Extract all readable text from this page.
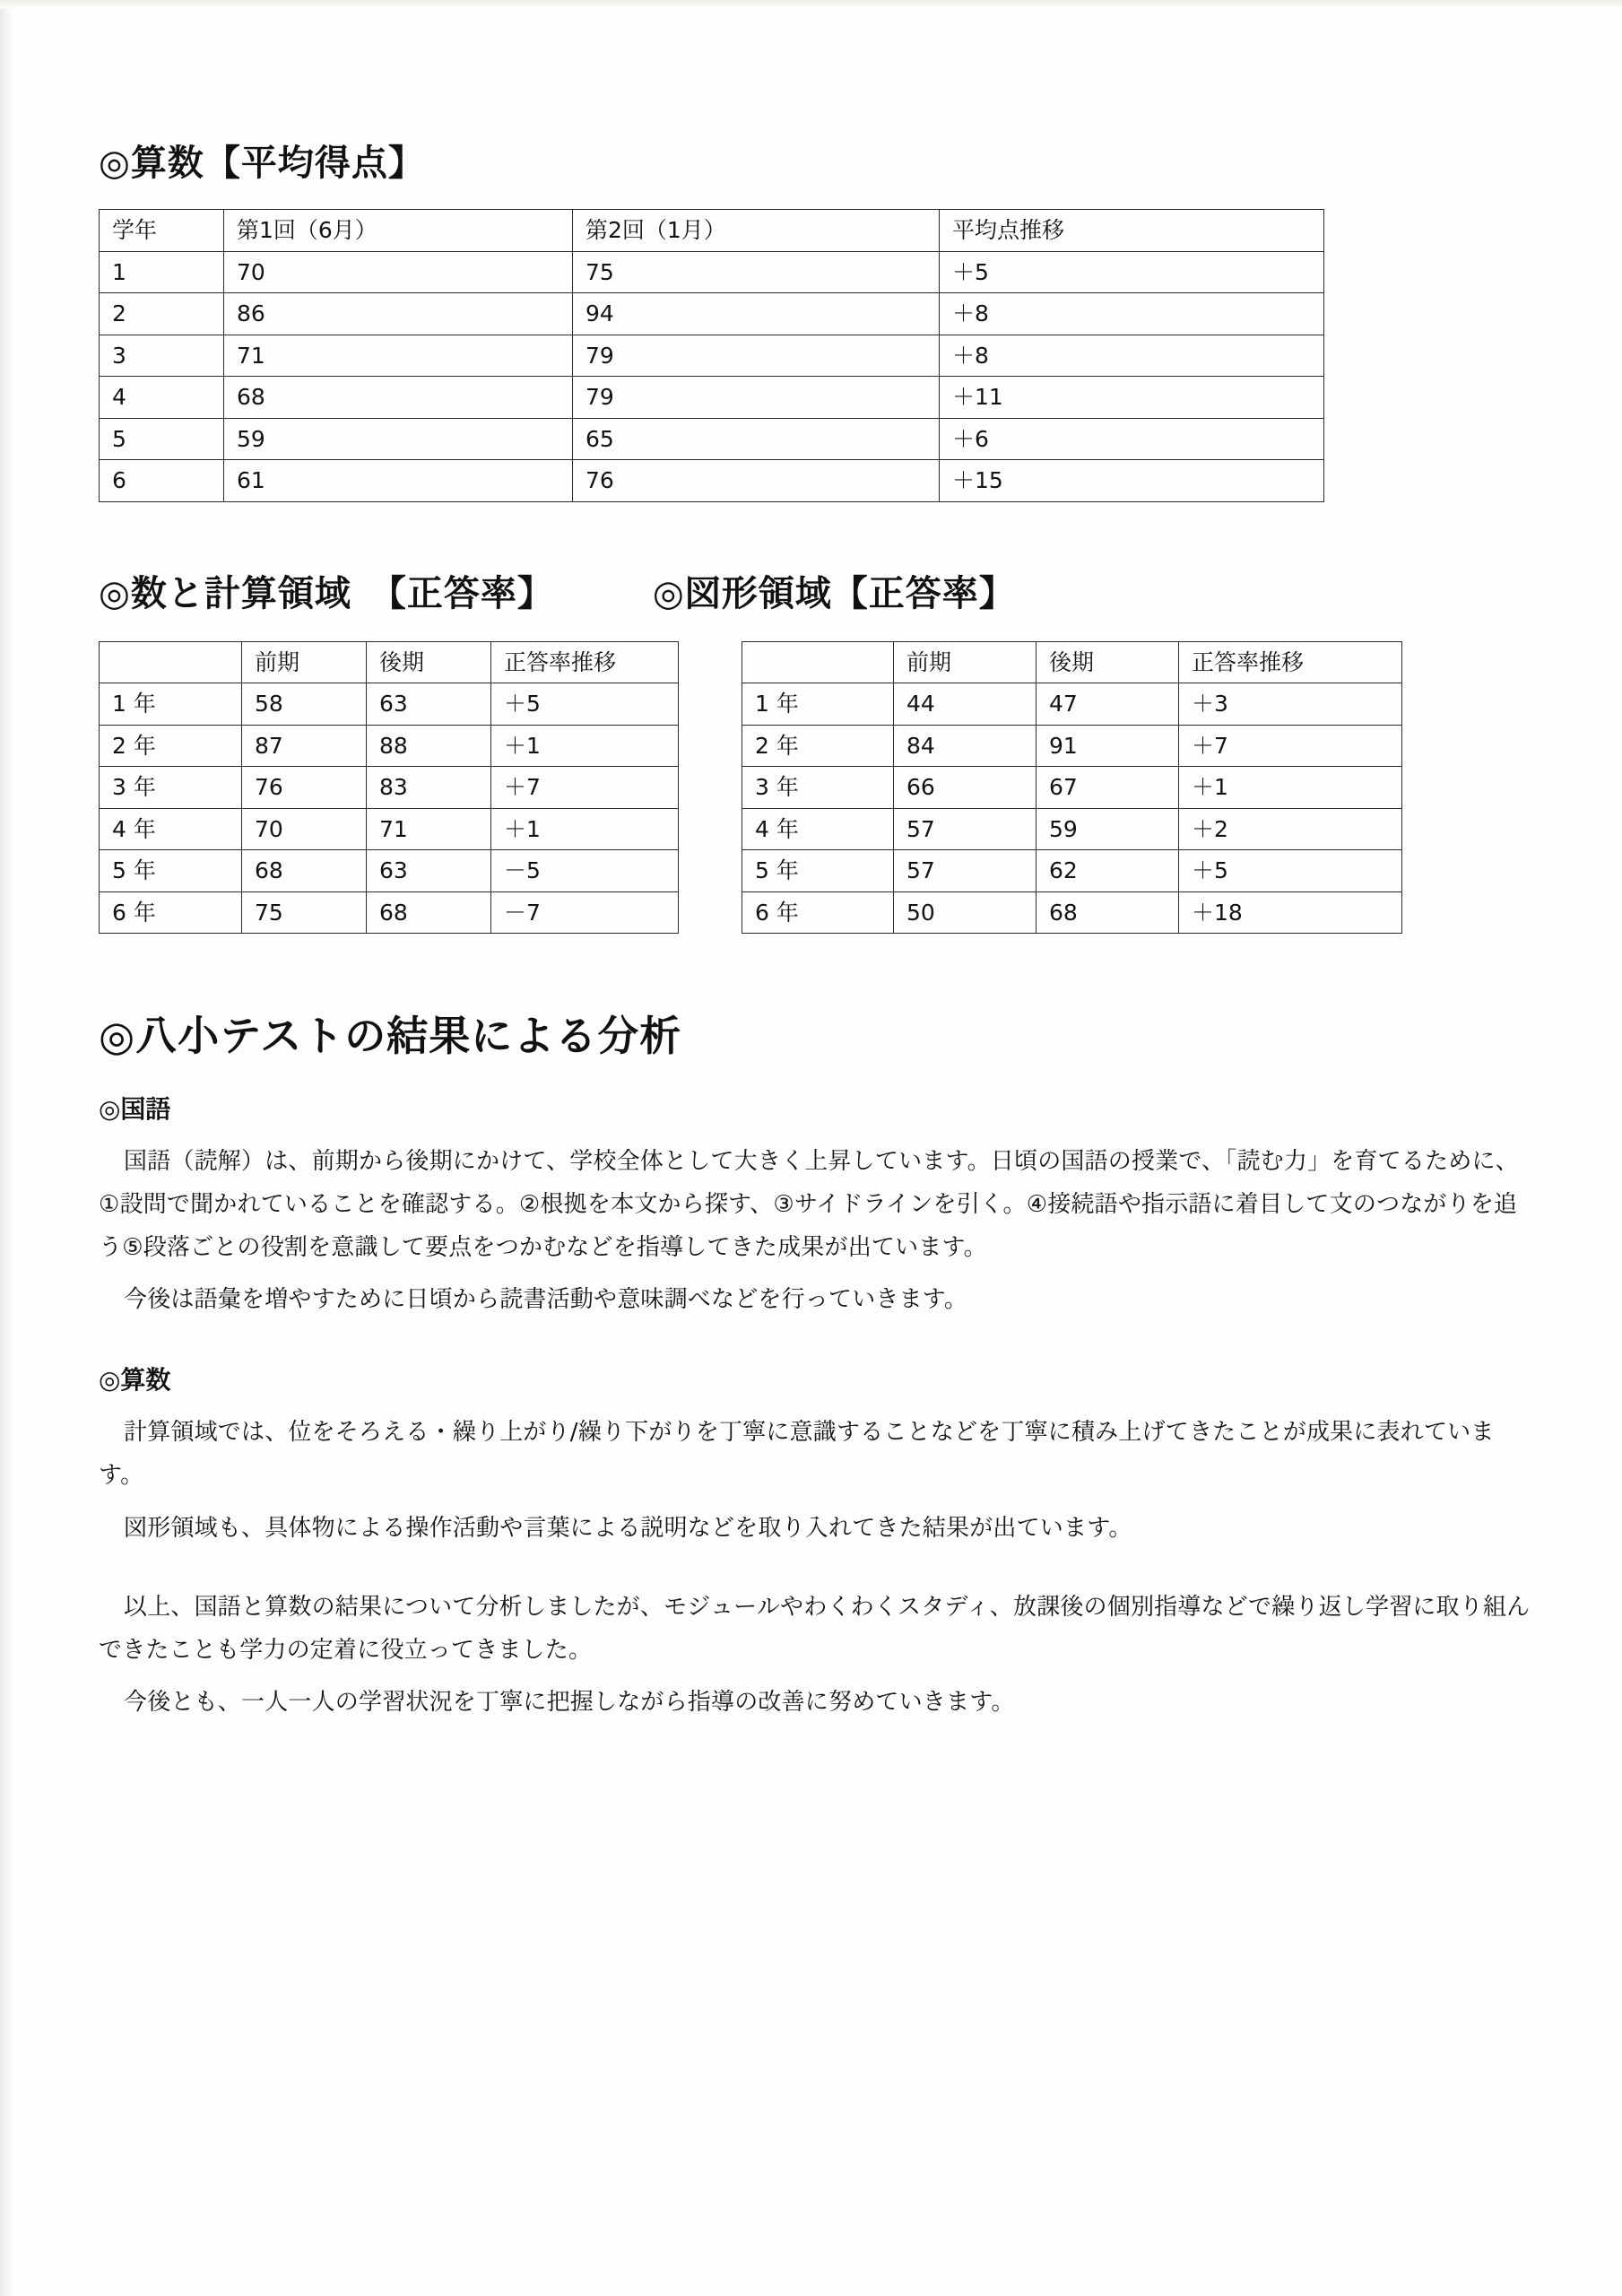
◎算数【平均得点】
学年	第1回（6月）	第2回（1月）	平均点推移
1	70	75	＋5
2	86	94	＋8
3	71	79	＋8
4	68	79	＋11
5	59	65	＋6
6	61	76	＋15
◎数と計算領域　【正答率】	◎図形領域【正答率】
	前期	後期	正答率推移
1 年	58	63	＋5
2 年	87	88	＋1
3 年	76	83	＋7
4 年	70	71	＋1
5 年	68	63	－5
6 年	75	68	－7
	前期	後期	正答率推移
1 年	44	47	＋3
2 年	84	91	＋7
3 年	66	67	＋1
4 年	57	59	＋2
5 年	57	62	＋5
6 年	50	68	＋18
◎八小テストの結果による分析
◎国語

国語（読解）は、前期から後期にかけて、学校全体として大きく上昇しています。日頃の国語の授業で、「読む力」を育てるために、①設問で聞かれていることを確認する。②根拠を本文から探す、③サイドラインを引く。④接続語や指示語に着目して文のつながりを追う⑤段落ごとの役割を意識して要点をつかむなどを指導してきた成果が出ています。

今後は語彙を増やすために日頃から読書活動や意味調べなどを行っていきます。

◎算数

計算領域では、位をそろえる・繰り上がり/繰り下がりを丁寧に意識することなどを丁寧に積み上げてきたことが成果に表れています。

図形領域も、具体物による操作活動や言葉による説明などを取り入れてきた結果が出ています。

以上、国語と算数の結果について分析しましたが、モジュールやわくわくスタディ、放課後の個別指導などで繰り返し学習に取り組んできたことも学力の定着に役立ってきました。

今後とも、一人一人の学習状況を丁寧に把握しながら指導の改善に努めていきます。
